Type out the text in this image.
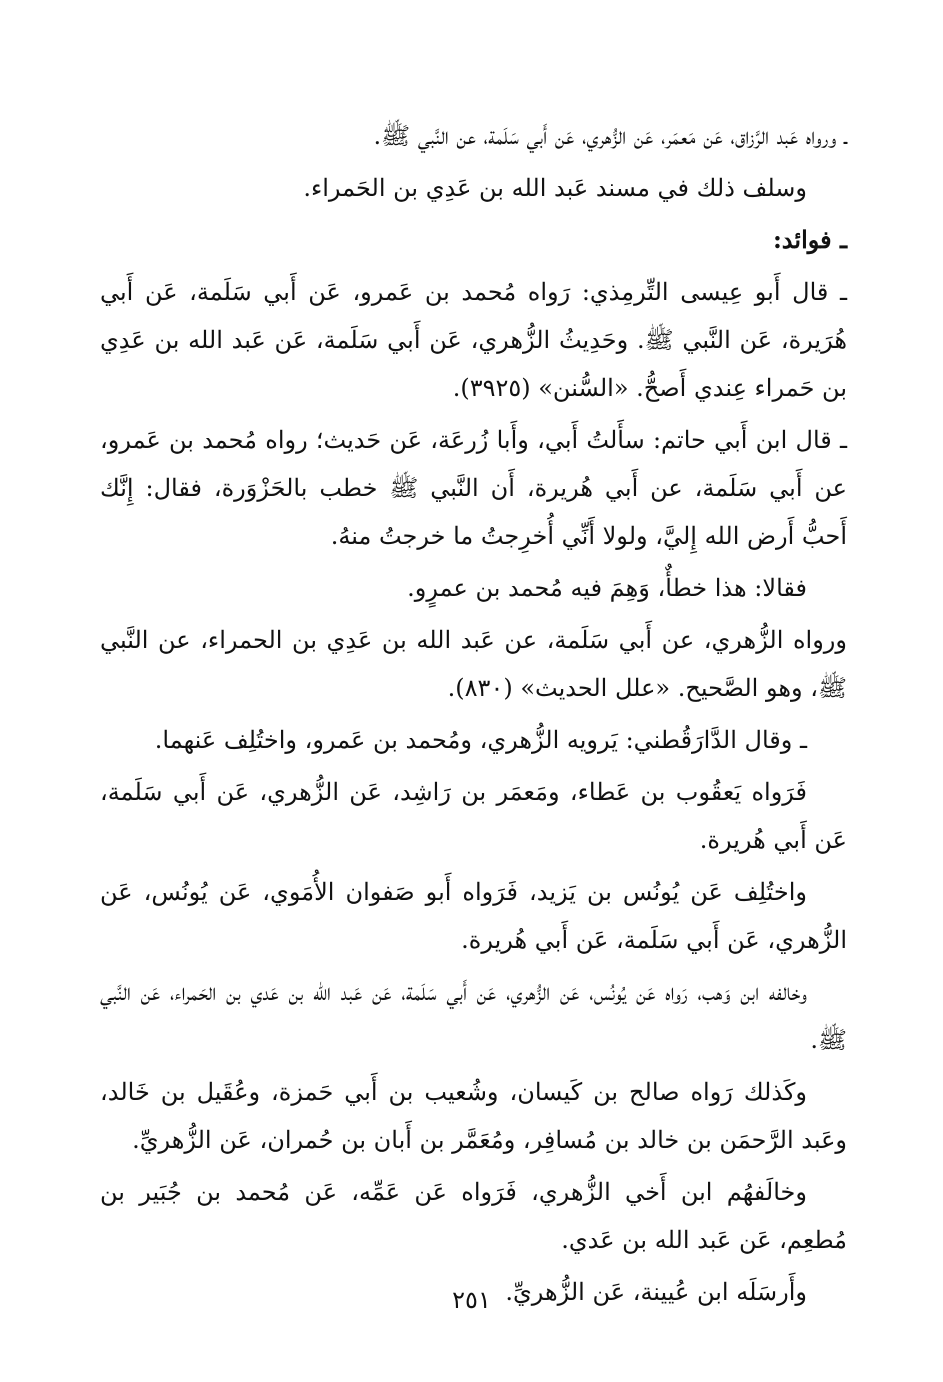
ـ ورواه عَبد الرَّزاق، عَن مَعمَر، عَن الزُّهري، عَن أَبي سَلَمة، عن النَّبي ﷺ.

وسلف ذلك في مسند عَبد الله بن عَدِي بن الحَمراء.

ـ فوائد:

ـ قال أَبو عِيسى التِّرمِذي: رَواه مُحمد بن عَمرو، عَن أَبي سَلَمة، عَن أَبي هُرَيرة، عَن النَّبي ﷺ. وحَدِيثُ الزُّهري، عَن أَبي سَلَمة، عَن عَبد الله بن عَدِي بن حَمراء عِندي أَصحُّ. «السُّنن» (٣٩٢٥).

ـ قال ابن أَبي حاتم: سأَلتُ أَبي، وأَبا زُرعَة، عَن حَديث؛ رواه مُحمد بن عَمرو، عن أَبي سَلَمة، عن أَبي هُريرة، أَن النَّبي ﷺ خطب بالحَزْوَرة، فقال: إِنَّك أَحبُّ أَرض الله إِليَّ، ولولا أَنِّي أُخرِجتُ ما خرجتُ منهُ.

فقالا: هذا خطأٌ، وَهِمَ فيه مُحمد بن عمرٍو.

ورواه الزُّهري، عن أَبي سَلَمة، عن عَبد الله بن عَدِي بن الحمراء، عن النَّبي ﷺ، وهو الصَّحيح. «علل الحديث» (٨٣٠).

ـ وقال الدَّارَقُطني: يَرويه الزُّهري، ومُحمد بن عَمرو، واختُلِف عَنهما.

فَرَواه يَعقُوب بن عَطاء، ومَعمَر بن رَاشِد، عَن الزُّهري، عَن أَبي سَلَمة، عَن أَبي هُريرة.

واختُلِف عَن يُونُس بن يَزيد، فَرَواه أَبو صَفوان الأُمَوي، عَن يُونُس، عَن الزُّهري، عَن أَبي سَلَمة، عَن أَبي هُريرة.

وخالفه ابن وَهب، رَواه عَن يُونُس، عَن الزُّهري، عَن أَبي سَلَمة، عَن عَبد الله بن عَدي بن الحَمراء، عَن النَّبي ﷺ.

وكَذلك رَواه صالح بن كَيسان، وشُعيب بن أَبي حَمزة، وعُقَيل بن خَالد، وعَبد الرَّحمَن بن خالد بن مُسافِر، ومُعَمَّر بن أَبان بن حُمران، عَن الزُّهريِّ.

وخالَفهُم ابن أَخي الزُّهري، فَرَواه عَن عَمِّه، عَن مُحمد بن جُبَير بن مُطعِم، عَن عَبد الله بن عَدي.

وأَرسَلَه ابن عُيينة، عَن الزُّهريِّ.

٢٥١
